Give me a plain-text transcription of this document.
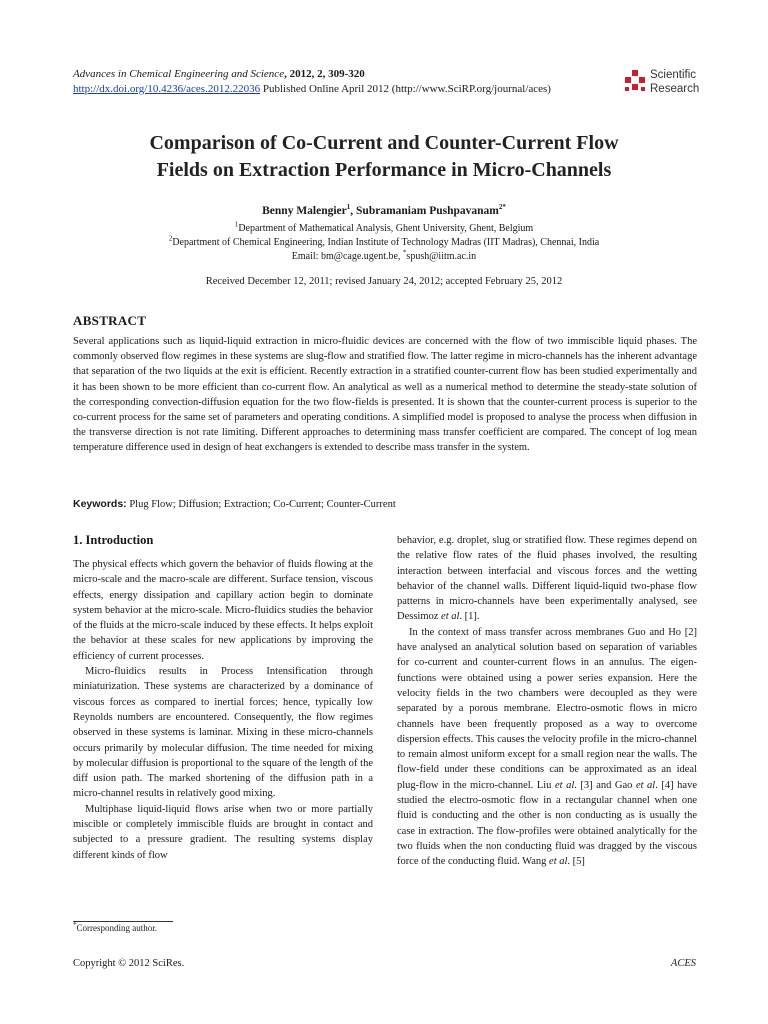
Advances in Chemical Engineering and Science, 2012, 2, 309-320
http://dx.doi.org/10.4236/aces.2012.22036 Published Online April 2012 (http://www.SciRP.org/journal/aces)
Scientific
Research
Comparison of Co-Current and Counter-Current Flow
Fields on Extraction Performance in Micro-Channels
Benny Malengier$^1$, Subramaniam Pushpavanam$^{2*}$
$^1$Department of Mathematical Analysis, Ghent University, Ghent, Belgium
$^2$Department of Chemical Engineering, Indian Institute of Technology Madras (IIT Madras), Chennai, India
Email: bm@cage.ugent.be, *spush@iitm.ac.in
Received December 12, 2011; revised January 24, 2012; accepted February 25, 2012
ABSTRACT
Several applications such as liquid-liquid extraction in micro-fluidic devices are concerned with the flow of two immiscible liquid phases. The commonly observed flow regimes in these systems are slug-flow and stratified flow. The latter regime in micro-channels has the inherent advantage that separation of the two liquids at the exit is efficient. Recently extraction in a stratified counter-current flow has been studied experimentally and it has been shown to be more efficient than co-current flow. An analytical as well as a numerical method to determine the steady-state solution of the corresponding convection-diffusion equation for the two flow-fields is presented. It is shown that the counter-current process is superior to the co-current process for the same set of parameters and operating conditions. A simplified model is proposed to analyse the process when diffusion in the transverse direction is not rate limiting. Different approaches to determining mass transfer coefficient are compared. The concept of log mean temperature difference used in design of heat exchangers is extended to describe mass transfer in the system.
Keywords: Plug Flow; Diffusion; Extraction; Co-Current; Counter-Current
1. Introduction

The physical effects which govern the behavior of fluids flowing at the micro-scale and the macro-scale are different. Surface tension, viscous effects, energy dissipation and capillary action begin to dominate system behavior at the micro-scale. Micro-fluidics studies the behavior of the fluids at the micro-scale induced by these effects. It helps exploit the behavior at these scales for new applications by improving the efficiency of current processes.

Micro-fluidics results in Process Intensification through miniaturization. These systems are characterized by a dominance of viscous forces as compared to inertial forces; hence, typically low Reynolds numbers are encountered. Consequently, the flow regimes observed in these systems is laminar. Mixing in these micro-channels occurs primarily by molecular diffusion. The time needed for mixing by molecular diffusion is proportional to the square of the length of the diff usion path. The marked shortening of the diffusion path in a micro-channel results in relatively good mixing.

Multiphase liquid-liquid flows arise when two or more partially miscible or completely immiscible fluids are brought in contact and subjected to a pressure gradient. The resulting systems display different kinds of flow

behavior, e.g. droplet, slug or stratified flow. These regimes depend on the relative flow rates of the fluid phases involved, the resulting interaction between interfacial and viscous forces and the wetting behavior of the channel walls. Different liquid-liquid two-phase flow patterns in micro-channels have been experimentally analysed, see Dessimoz et al. [1].

In the context of mass transfer across membranes Guo and Ho [2] have analysed an analytical solution based on separation of variables for co-current and counter-current flows in an annulus. The eigen-functions were obtained using a power series expansion. Here the velocity fields in the two chambers were decoupled as they were separated by a porous membrane. Electro-osmotic flows in micro channels have been frequently proposed as a way to overcome dispersion effects. This causes the velocity profile in the micro-channel to remain almost uniform except for a small region near the walls. The flow-field under these conditions can be approximated as an ideal plug-flow in the micro-channel. Liu et al. [3] and Gao et al. [4] have studied the electro-osmotic flow in a rectangular channel when one fluid is conducting and the other is non conducting as is usually the case in extraction. The flow-profiles were obtained analytically for the two fluids when the non conducting fluid was dragged by the viscous force of the conducting fluid. Wang et al. [5]

*Corresponding author.
Copyright © 2012 SciRes.	ACES
